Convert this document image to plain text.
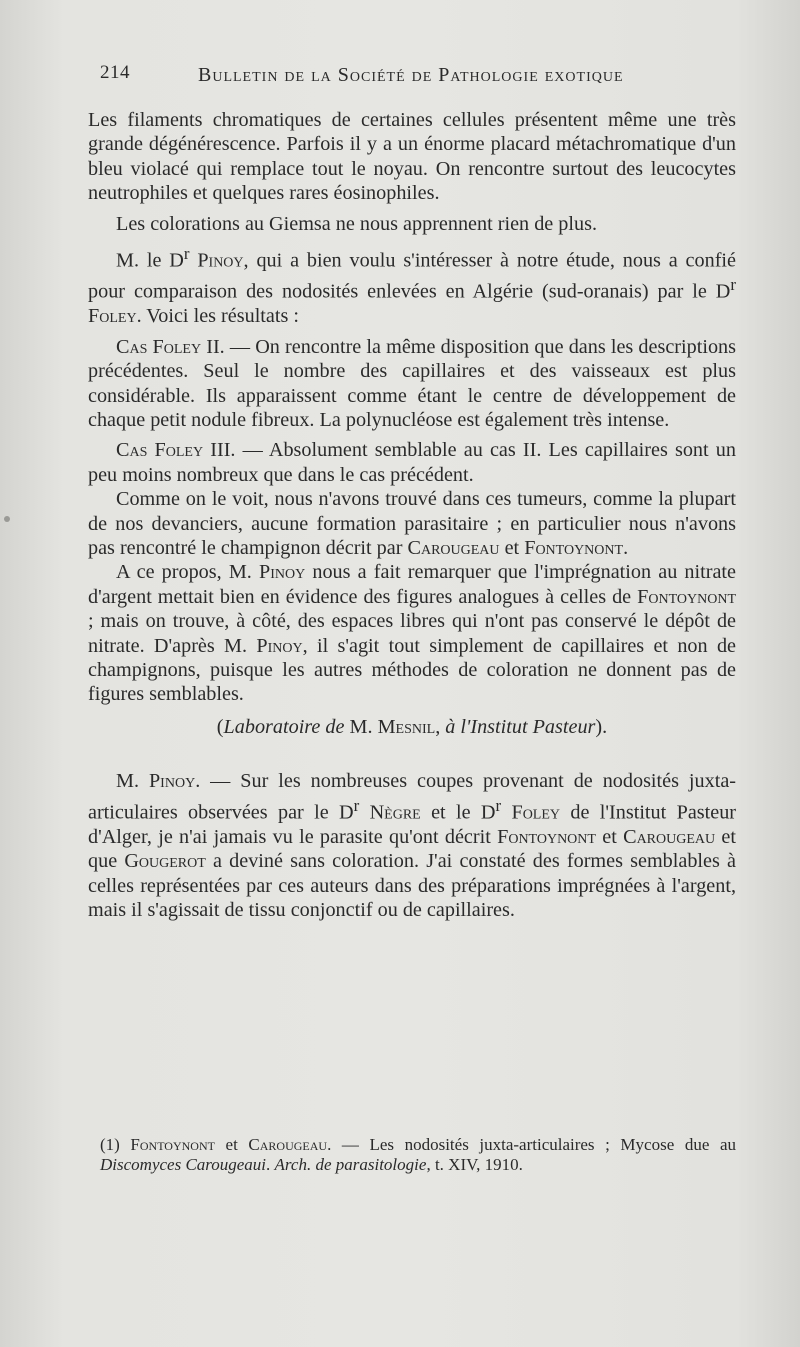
214	Bulletin de la Société de Pathologie exotique

Les filaments chromatiques de certaines cellules présentent même une très grande dégénérescence. Parfois il y a un énorme placard métachromatique d'un bleu violacé qui remplace tout le noyau. On rencontre surtout des leucocytes neutrophiles et quelques rares éosinophiles.

Les colorations au Giemsa ne nous apprennent rien de plus.

M. le $D^r$ Pinoy, qui a bien voulu s'intéresser à notre étude, nous a confié pour comparaison des nodosités enlevées en Algérie (sud-oranais) par le $D^r$ Foley. Voici les résultats :

Cas Foley II. — On rencontre la même disposition que dans les descriptions précédentes. Seul le nombre des capillaires et des vaisseaux est plus considérable. Ils apparaissent comme étant le centre de développement de chaque petit nodule fibreux. La polynucléose est également très intense.

Cas Foley III. — Absolument semblable au cas II. Les capillaires sont un peu moins nombreux que dans le cas précédent.

Comme on le voit, nous n'avons trouvé dans ces tumeurs, comme la plupart de nos devanciers, aucune formation parasitaire ; en particulier nous n'avons pas rencontré le champignon décrit par Carougeau et Fontoynont.

A ce propos, M. Pinoy nous a fait remarquer que l'imprégnation au nitrate d'argent mettait bien en évidence des figures analogues à celles de Fontoynont ; mais on trouve, à côté, des espaces libres qui n'ont pas conservé le dépôt de nitrate. D'après M. Pinoy, il s'agit tout simplement de capillaires et non de champignons, puisque les autres méthodes de coloration ne donnent pas de figures semblables.

(Laboratoire de M. Mesnil, à l'Institut Pasteur).

M. Pinoy. — Sur les nombreuses coupes provenant de nodosités juxta-articulaires observées par le $D^r$ Nègre et le $D^r$ Foley de l'Institut Pasteur d'Alger, je n'ai jamais vu le parasite qu'ont décrit Fontoynont et Carougeau et que Gougerot a deviné sans coloration. J'ai constaté des formes semblables à celles représentées par ces auteurs dans des préparations imprégnées à l'argent, mais il s'agissait de tissu conjonctif ou de capillaires.

(1) Fontoynont et Carougeau. — Les nodosités juxta-articulaires ; Mycose due au Discomyces Carougeaui. Arch. de parasitologie, t. XIV, 1910.
